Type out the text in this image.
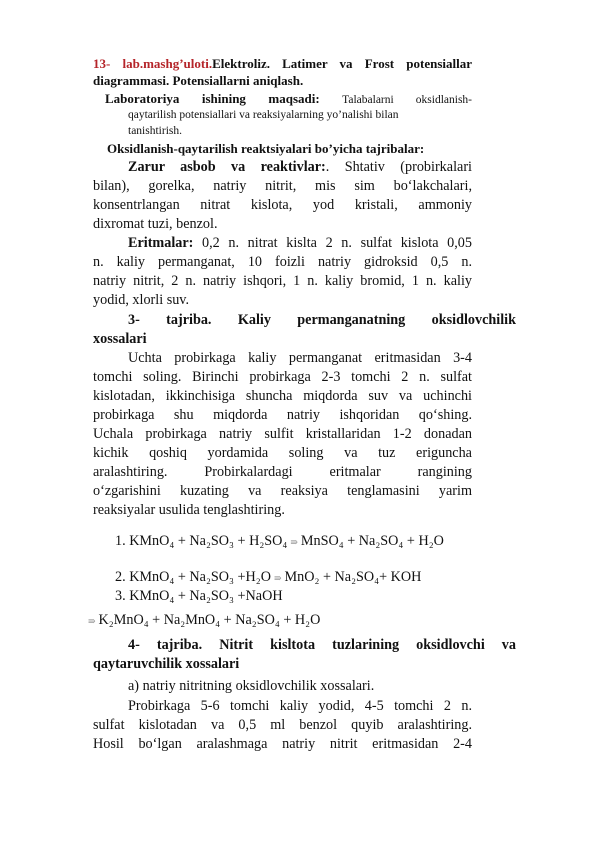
13- lab.mashg’uloti.Elektroliz. Latimer va Frost potensiallar
diagrammasi. Potensiallarni aniqlash.
Laboratoriya ishining maqsadi: Talabalarni oksidlanish-
qaytarilish potensiallari va reaksiyalarning yo’nalishi bilan
tanishtirish.
Oksidlanish-qaytarilish reaktsiyalari bo’yicha tajribalar:
Zarur asbob va reaktivlar:. Shtativ (probirkalari
bilan), gorelka, natriy nitrit, mis sim bo‘lakchalari,
konsentrlangan nitrat kislota, yod kristali, ammoniy
dixromat tuzi, benzol.
Eritmalar: 0,2 n. nitrat kislta 2 n. sulfat kislota 0,05
n. kaliy permanganat, 10 foizli natriy gidroksid 0,5 n.
natriy nitrit, 2 n. natriy ishqori, 1 n. kaliy bromid, 1 n. kaliy
yodid, xlorli suv.
3- tajriba. Kaliy permanganatning oksidlovchilik
xossalari
Uchta probirkaga kaliy permanganat eritmasidan 3-4
tomchi soling. Birinchi probirkaga 2-3 tomchi 2 n. sulfat
kislotadan, ikkinchisiga shuncha miqdorda suv va uchinchi
probirkaga shu miqdorda natriy ishqoridan qo‘shing.
Uchala probirkaga natriy sulfit kristallaridan 1-2 donadan
kichik qoshiq yordamida soling va tuz eriguncha
aralashtiring. Probirkalardagi eritmalar rangining
o‘zgarishini kuzating va reaksiya tenglamasini yarim
reaksiyalar usulida tenglashtiring.
1. KMnO₄ + Na₂SO₃ + H₂SO₄ ⇛ MnSO₄ + Na₂SO₄ + H₂O
2. KMnO₄ + Na₂SO₃ +H₂O ⇛ MnO₂ + Na₂SO₄+ KOH
3. KMnO₄ + Na₂SO₃ +NaOH
⇛ K₂MnO₄ + Na₂MnO₄ + Na₂SO₄ + H₂O
4- tajriba. Nitrit kisltota tuzlarining oksidlovchi va
qaytaruvchilik xossalari
a) natriy nitritning oksidlovchilik xossalari.
Probirkaga 5-6 tomchi kaliy yodid, 4-5 tomchi 2 n.
sulfat kislotadan va 0,5 ml benzol quyib aralashtiring.
Hosil bo‘lgan aralashmaga natriy nitrit eritmasidan 2-4
